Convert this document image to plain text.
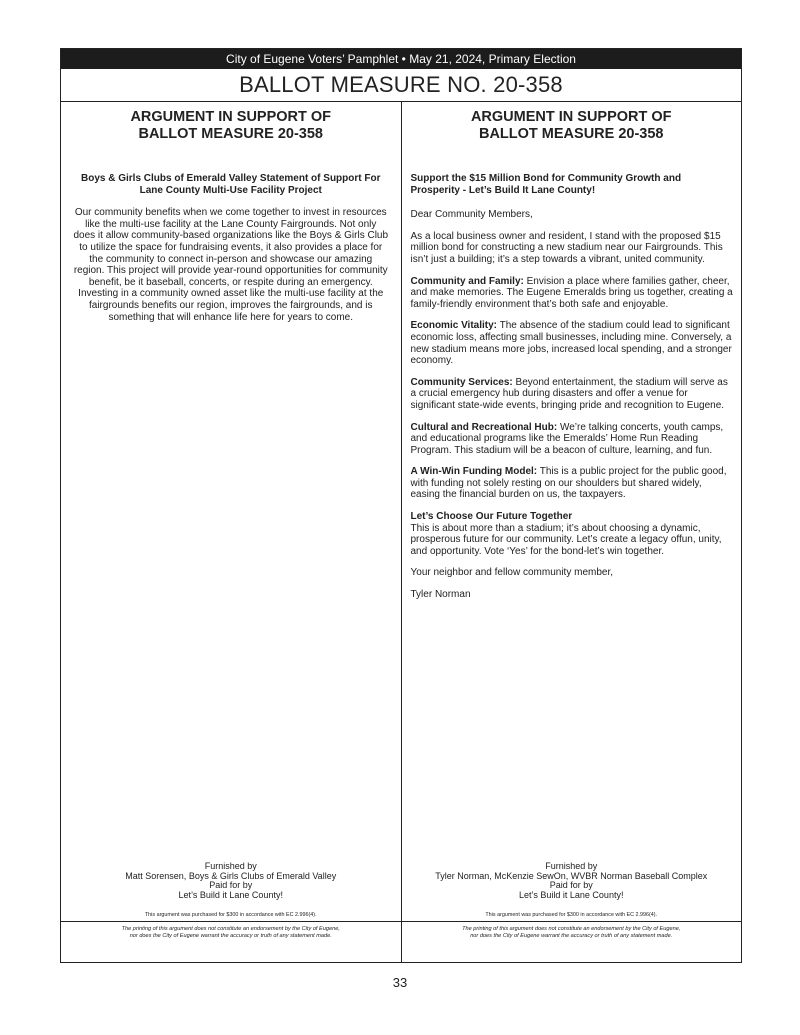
City of Eugene Voters’ Pamphlet • May 21, 2024, Primary Election
BALLOT MEASURE NO. 20-358
ARGUMENT IN SUPPORT OF
BALLOT MEASURE 20-358
Boys & Girls Clubs of Emerald Valley Statement of Support For Lane County Multi-Use Facility Project
Our community benefits when we come together to invest in resources like the multi-use facility at the Lane County Fairgrounds. Not only does it allow community-based organizations like the Boys & Girls Club to utilize the space for fundraising events, it also provides a place for the community to connect in-person and showcase our amazing region. This project will provide year-round opportunities for community benefit, be it baseball, concerts, or respite during an emergency. Investing in a community owned asset like the multi-use facility at the fairgrounds benefits our region, improves the fairgrounds, and is something that will enhance life here for years to come.
Furnished by
Matt Sorensen, Boys & Girls Clubs of Emerald Valley
Paid for by
Let’s Build it Lane County!
This argument was purchased for $300 in accordance with EC 2.996(4).
The printing of this argument does not constitute an endorsement by the City of Eugene,
nor does the City of Eugene warrant the accuracy or truth of any statement made.
ARGUMENT IN SUPPORT OF
BALLOT MEASURE 20-358
Support the $15 Million Bond for Community Growth and Prosperity - Let’s Build It Lane County!

Dear Community Members,

As a local business owner and resident, I stand with the proposed $15 million bond for constructing a new stadium near our Fairgrounds. This isn’t just a building; it’s a step towards a vibrant, united community.

Community and Family: Envision a place where families gather, cheer, and make memories. The Eugene Emeralds bring us together, creating a family-friendly environment that’s both safe and enjoyable.

Economic Vitality: The absence of the stadium could lead to significant economic loss, affecting small businesses, including mine. Conversely, a new stadium means more jobs, increased local spending, and a stronger economy.

Community Services: Beyond entertainment, the stadium will serve as a crucial emergency hub during disasters and offer a venue for significant state-wide events, bringing pride and recognition to Eugene.

Cultural and Recreational Hub: We’re talking concerts, youth camps, and educational programs like the Emeralds’ Home Run Reading Program. This stadium will be a beacon of culture, learning, and fun.

A Win-Win Funding Model: This is a public project for the public good, with funding not solely resting on our shoulders but shared widely, easing the financial burden on us, the taxpayers.

Let’s Choose Our Future Together
This is about more than a stadium; it’s about choosing a dynamic, prosperous future for our community. Let’s create a legacy offun, unity, and opportunity. Vote ‘Yes’ for the bond-let’s win together.

Your neighbor and fellow community member,

Tyler Norman

Furnished by
Tyler Norman, McKenzie SewOn, WVBR Norman Baseball Complex
Paid for by
Let’s Build it Lane County!
This argument was purchased for $300 in accordance with EC 2.996(4).
The printing of this argument does not constitute an endorsement by the City of Eugene,
nor does the City of Eugene warrant the accuracy or truth of any statement made.
33
